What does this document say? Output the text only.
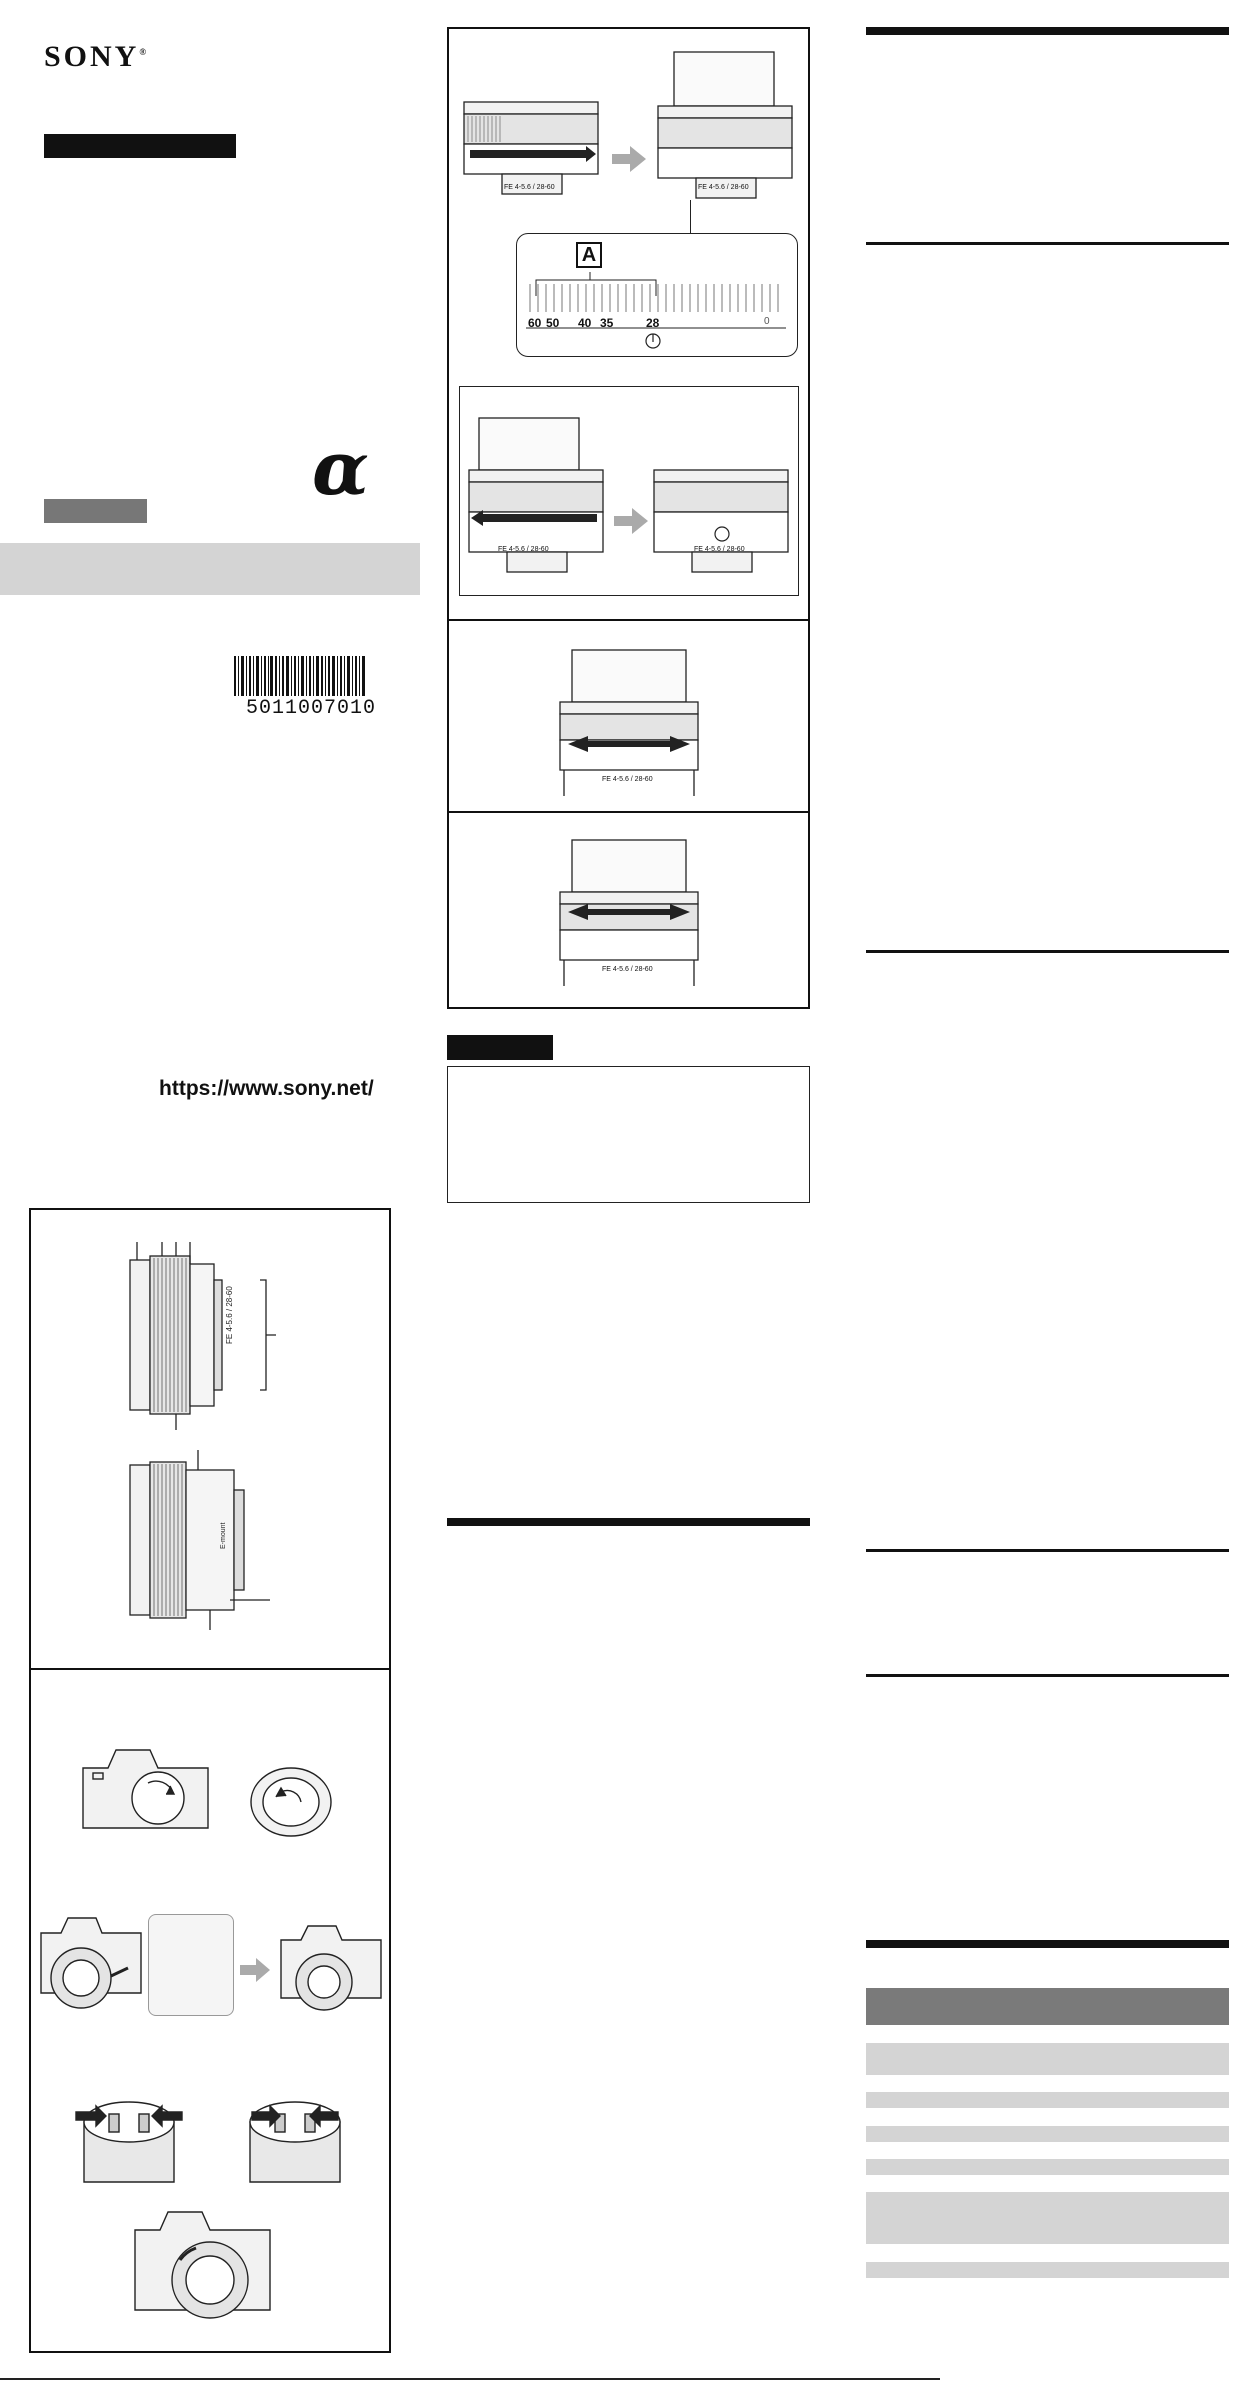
SONY®
α
5011007010
https://www.sony.net/
FE 4-5.6 / 28-60
E-mount
FE 4-5.6 / 28-60	FE 4-5.6 / 28-60
A
60 50 40 35	28	0
FE 4-5.6 / 28-60	FE 4-5.6 / 28-60
FE 4-5.6 / 28-60
FE 4-5.6 / 28-60
